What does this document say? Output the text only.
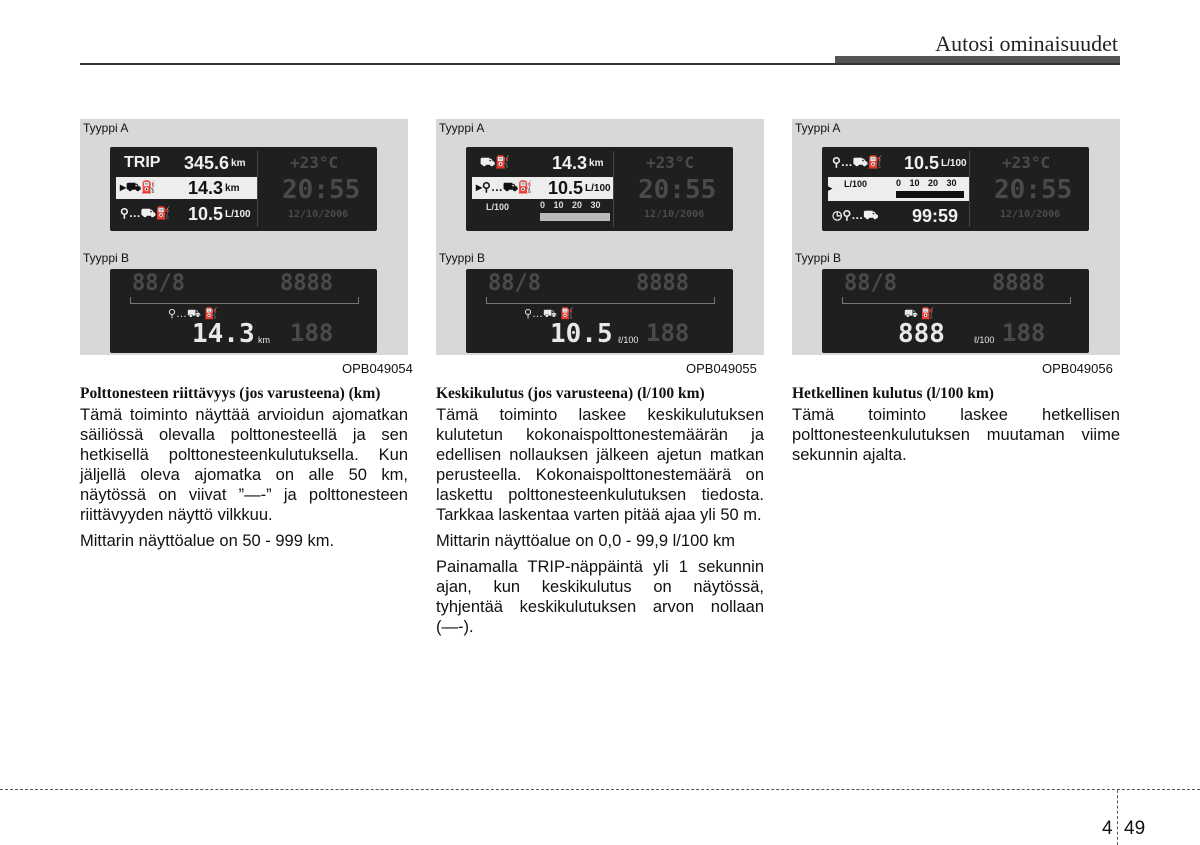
Autosi ominaisuudet
Tyyppi A
TRIP	345.6 km
▸⛟⛽	14.3 km
⚲…⛟⛽ 10.5 L/100
+23°C
20:55
12/10/2006
Tyyppi B
88/8	8888
⚲…⛟ ⛽
14.3 km 188
OPB049054
Tyyppi A
⛟⛽	14.3 km
▸⚲…⛟⛽ 10.5 L/100
L/100	0 10 20 30
+23°C
20:55
12/10/2006
Tyyppi B
88/8	8888
⚲…⛟ ⛽
10.5 ℓ/100 188
OPB049055
Tyyppi A
⚲…⛟⛽	10.5 L/100
L/100	0 10 20 30
▸
◷⚲…⛟	99:59
+23°C
20:55
12/10/2006
Tyyppi B
88/8	8888
⛟ ⛽
888	ℓ/100 188
OPB049056
Polttonesteen riittävyys (jos varusteena) (km)

Tämä toiminto näyttää arvioidun ajomatkan säiliössä olevalla polttonesteellä ja sen hetkisellä polttonesteenkulutuksella. Kun jäljellä oleva ajomatka on alle 50 km, näytössä on viivat ”—-” ja polttonesteen riittävyyden näyttö vilkkuu.

Mittarin näyttöalue on 50 - 999 km.

Keskikulutus (jos varusteena) (l/100 km)

Tämä toiminto laskee keskikulutuksen kulutetun kokonaispolttonestemäärän ja edellisen nollauksen jälkeen ajetun matkan perusteella. Kokonaispolttonestemäärä on laskettu polttonesteenkulutuksen tiedosta. Tarkkaa laskentaa varten pitää ajaa yli 50 m.

Mittarin näyttöalue on 0,0 - 99,9 l/100 km

Painamalla TRIP-näppäintä yli 1 sekunnin ajan, kun keskikulutus on näytössä, tyhjentää keskikulutuksen arvon nollaan (—-).

Hetkellinen kulutus (l/100 km)

Tämä toiminto laskee hetkellisen polttonesteenkulutuksen muutaman viime sekunnin ajalta.

4 49
